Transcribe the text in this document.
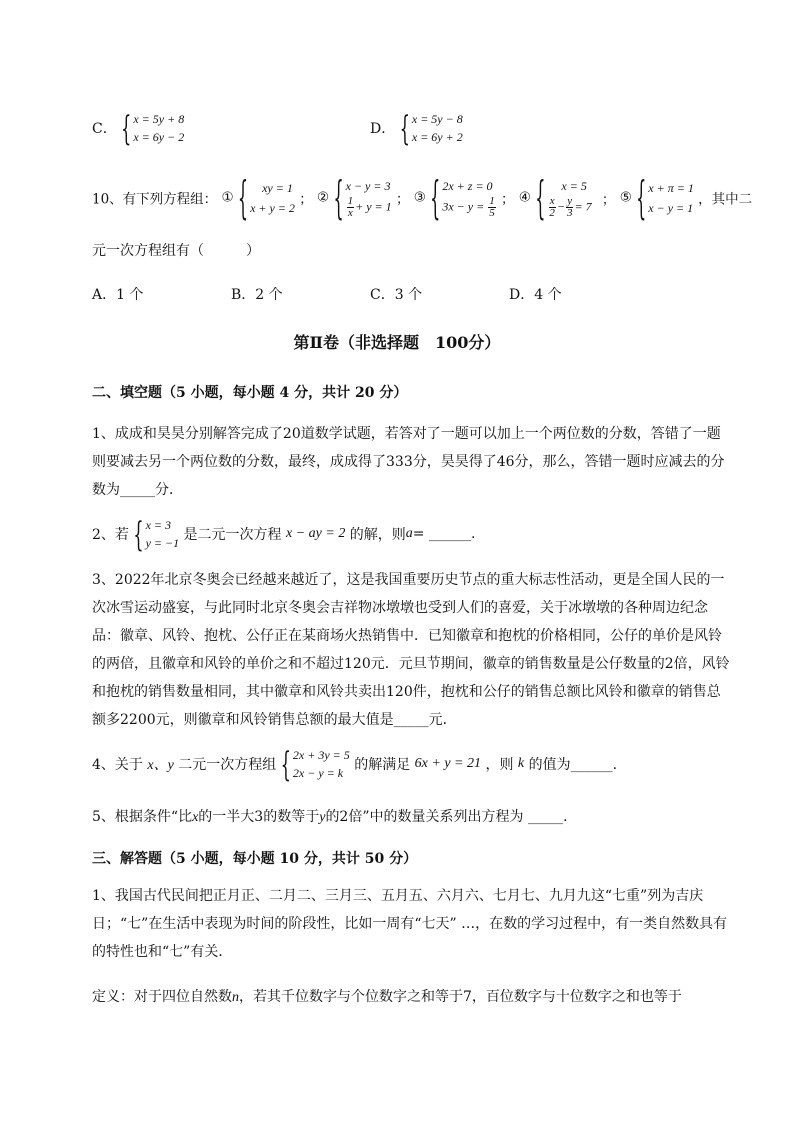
C． { x = 5y + 8
x = 6y − 2	D． { x = 5y − 8
x = 6y + 2
10、有下列方程组： ① {	xy = 1
x + y = 2 ； ② { x − y = 3
$\frac{1}{x} + y = 1$ ； ③ { 2x + z = 0
$3x - y = \frac{1}{5}$ ； ④ {	x = 5
$\frac{x}{2} - \frac{y}{3} = 7$ ； ⑤ { x + π = 1
x − y = 1 ，其中二
元一次方程组有（　　　）
A．1 个	B．2 个	C．3 个	D．4 个
第Ⅱ卷（非选择题　100分）
二、填空题（5 小题，每小题 4 分，共计 20 分）
1、成成和昊昊分别解答完成了20道数学试题，若答对了一题可以加上一个两位数的分数，答错了一题则要减去另一个两位数的分数，最终，成成得了333分，昊昊得了46分，那么，答错一题时应减去的分数为_____分．
2、若 { x = 3
y = −1 是二元一次方程 x − ay = 2 的解，则a= ______.
3、2022年北京冬奥会已经越来越近了，这是我国重要历史节点的重大标志性活动，更是全国人民的一次冰雪运动盛宴，与此同时北京冬奥会吉祥物冰墩墩也受到人们的喜爱，关于冰墩墩的各种周边纪念品：徽章、风铃、抱枕、公仔正在某商场火热销售中．已知徽章和抱枕的价格相同，公仔的单价是风铃的两倍，且徽章和风铃的单价之和不超过120元．元旦节期间，徽章的销售数量是公仔数量的2倍，风铃和抱枕的销售数量相同，其中徽章和风铃共卖出120件，抱枕和公仔的销售总额比风铃和徽章的销售总额多2200元，则徽章和风铃销售总额的最大值是_____元．
4、关于 x、y 二元一次方程组 { 2x + 3y = 5
2x − y = k 的解满足 6x + y = 21 ，则 k 的值为______.
5、根据条件“比x的一半大3的数等于y的2倍”中的数量关系列出方程为 _____.
三、解答题（5 小题，每小题 10 分，共计 50 分）
1、我国古代民间把正月正、二月二、三月三、五月五、六月六、七月七、九月九这“七重”列为吉庆日；“七”在生活中表现为时间的阶段性，比如一周有“七天” …，在数的学习过程中，有一类自然数具有的特性也和“七”有关．
定义：对于四位自然数n，若其千位数字与个位数字之和等于7，百位数字与十位数字之和也等于
